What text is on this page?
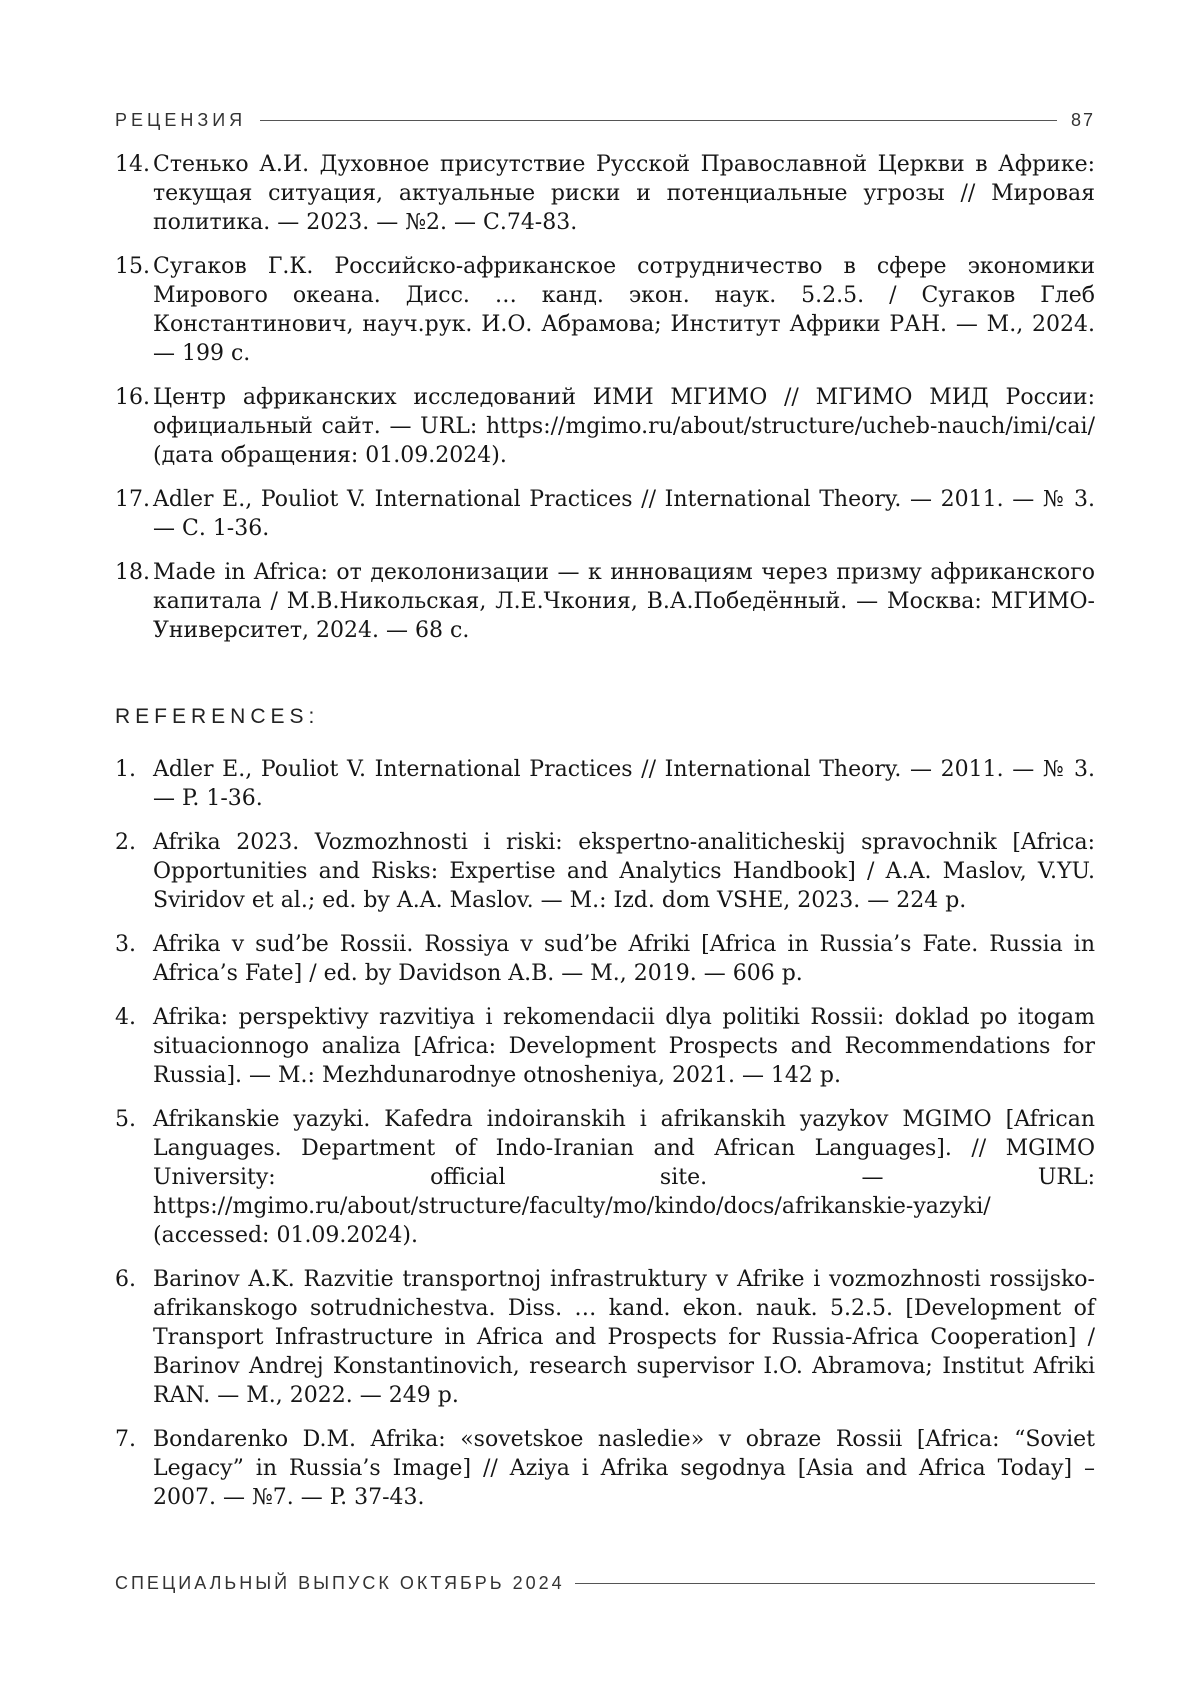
РЕЦЕНЗИЯ	87
14. Стенько А.И. Духовное присутствие Русской Православной Церкви в Африке: текущая ситуация, актуальные риски и потенциальные угрозы // Мировая политика. — 2023. — №2. — С.74-83.
15. Сугаков Г.К. Российско-африканское сотрудничество в сфере экономики Мирового океана. Дисс. … канд. экон. наук. 5.2.5. / Сугаков Глеб Константинович, науч.рук. И.О. Абрамова; Институт Африки РАН. — М., 2024. — 199 с.
16. Центр африканских исследований ИМИ МГИМО // МГИМО МИД России: официальный сайт. — URL: https://mgimo.ru/about/structure/ucheb-nauch/imi/cai/ (дата обращения: 01.09.2024).
17. Adler E., Pouliot V. International Practices // International Theory. — 2011. — № 3. — С. 1-36.
18. Made in Africa: от деколонизации — к инновациям через призму африканского капитала / М.В.Никольская, Л.Е.Чкония, В.А.Победённый. — Москва: МГИМО-Университет, 2024. — 68 с.
REFERENCES:
1. Adler E., Pouliot V. International Practices // International Theory. — 2011. — № 3. — P. 1-36.
2. Afrika 2023. Vozmozhnosti i riski: ekspertno-analiticheskij spravochnik [Africa: Opportunities and Risks: Expertise and Analytics Handbook] / A.A. Maslov, V.YU. Sviridov et al.; ed. by A.A. Maslov. — M.: Izd. dom VSHE, 2023. — 224 p.
3. Afrika v sud’be Rossii. Rossiya v sud’be Afriki [Africa in Russia’s Fate. Russia in Africa’s Fate] / ed. by Davidson A.B. — M., 2019. — 606 p.
4. Afrika: perspektivy razvitiya i rekomendacii dlya politiki Rossii: doklad po itogam situacionnogo analiza [Africa: Development Prospects and Recommendations for Russia]. — M.: Mezhdunarodnye otnosheniya, 2021. — 142 p.
5. Afrikanskie yazyki. Kafedra indoiranskih i afrikanskih yazykov MGIMO [African Languages. Department of Indo-Iranian and African Languages]. // MGIMO University: official site. — URL: https://mgimo.ru/about/structure/faculty/mo/kindo/docs/afrikanskie-yazyki/ (accessed: 01.09.2024).
6. Barinov A.K. Razvitie transportnoj infrastruktury v Afrike i vozmozhnosti rossijsko-afrikanskogo sotrudnichestva. Diss. … kand. ekon. nauk. 5.2.5. [Development of Transport Infrastructure in Africa and Prospects for Russia-Africa Cooperation] / Barinov Andrej Konstantinovich, research supervisor I.O. Abramova; Institut Afriki RAN. — M., 2022. — 249 p.
7. Bondarenko D.M. Afrika: «sovetskoe nasledie» v obraze Rossii [Africa: “Soviet Legacy” in Russia’s Image] // Aziya i Afrika segodnya [Asia and Africa Today] – 2007. — №7. — P. 37-43.
СПЕЦИАЛЬНЫЙ ВЫПУСК ОКТЯБРЬ 2024
